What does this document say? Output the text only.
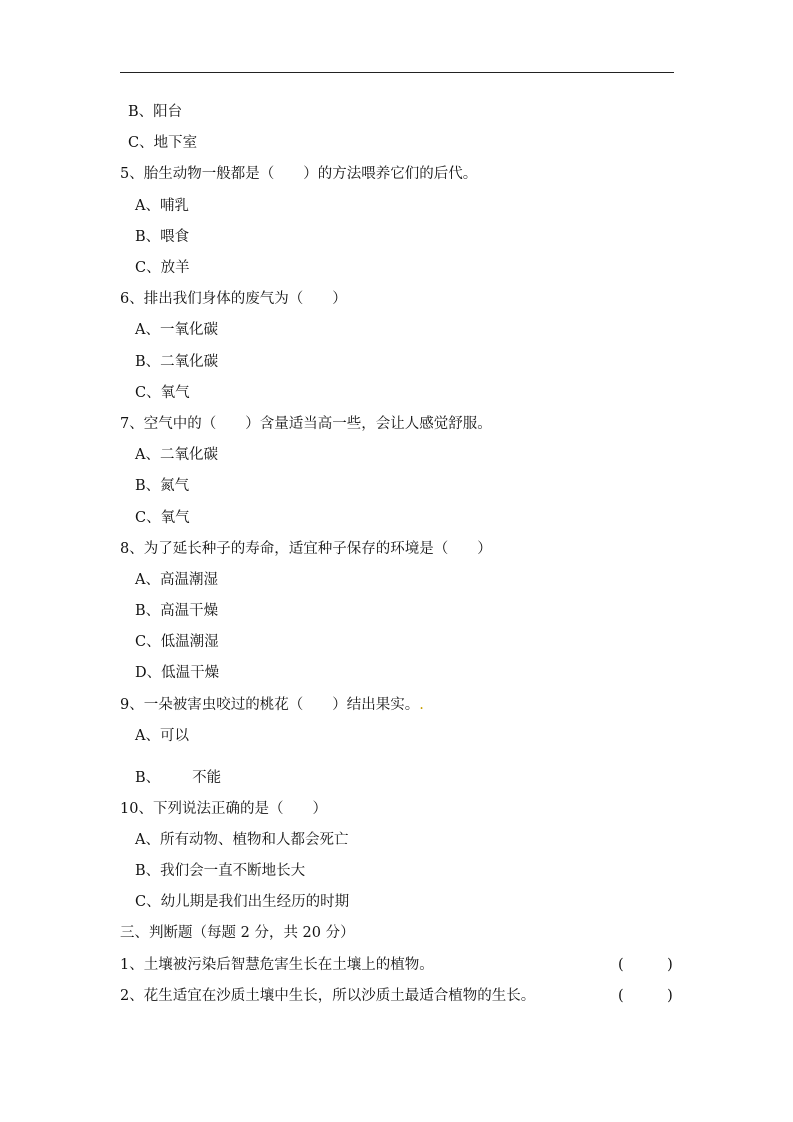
B、阳台
C、地下室
5、胎生动物一般都是（　　）的方法喂养它们的后代。
A、哺乳
B、喂食
C、放羊
6、排出我们身体的废气为（　　）
A、一氧化碳
B、二氧化碳
C、氧气
7、空气中的（　　）含量适当高一些，会让人感觉舒服。
A、二氧化碳
B、氮气
C、氧气
8、为了延长种子的寿命，适宜种子保存的环境是（　　）
A、高温潮湿
B、高温干燥
C、低温潮湿
D、低温干燥
9、一朵被害虫咬过的桃花（　　）结出果实。.
A、可以
B、 不能
10、下列说法正确的是（　　）
A、所有动物、植物和人都会死亡
B、我们会一直不断地长大
C、幼儿期是我们出生经历的时期
三、判断题（每题 2 分，共 20 分）
1、土壤被污染后智慧危害生长在土壤上的植物。	(　　　)
2、花生适宜在沙质土壤中生长，所以沙质土最适合植物的生长。	(　　　)
